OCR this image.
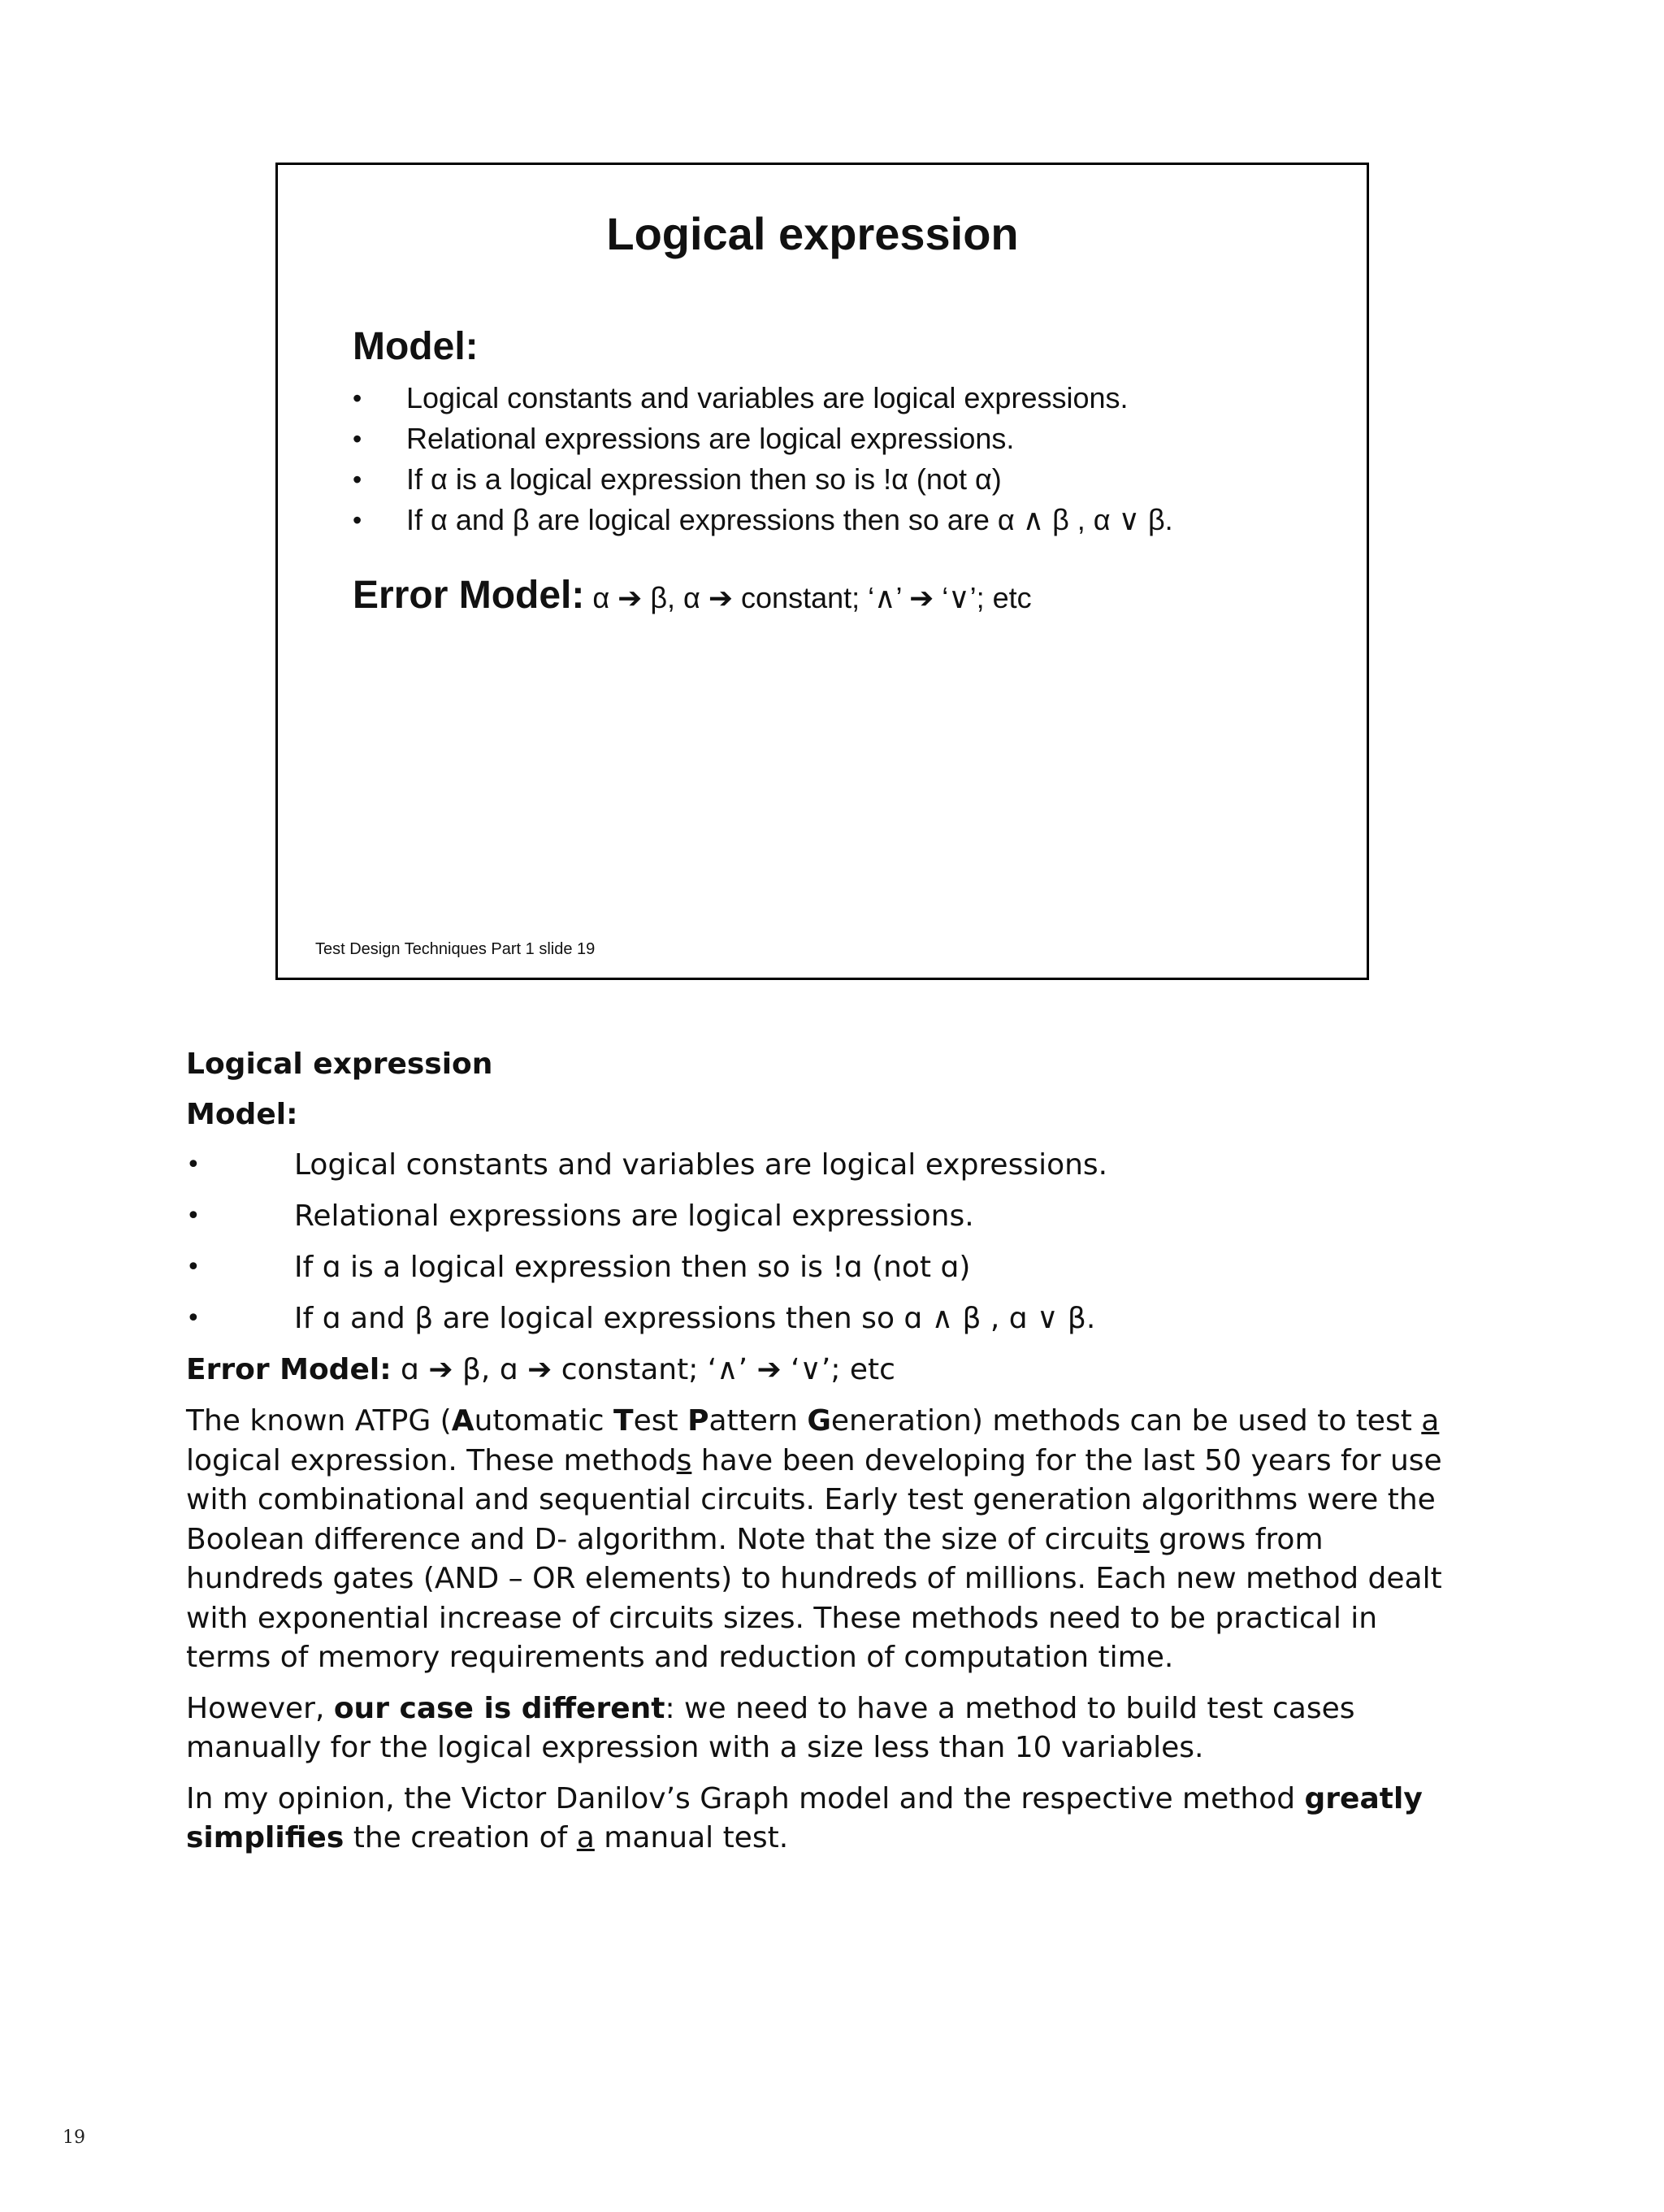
Logical expression
Model:
• Logical constants and variables are logical expressions.
• Relational expressions are logical expressions.
• If α is a logical expression then so is !α (not α)
• If α and β are logical expressions then so are α ∧ β , α ∨ β.
Error Model: α ➔ β, α ➔ constant; ‘∧’ ➔ ‘∨’; etc
Test Design Techniques Part 1 slide 19
Logical expression
Model:
•	Logical constants and variables are logical expressions.
•	Relational expressions are logical expressions.
•	If ɑ is a logical expression then so is !ɑ (not ɑ)
•	If ɑ and β are logical expressions then so ɑ ∧ β , ɑ ∨ β.
Error Model: ɑ ➔ β, ɑ ➔ constant; ‘∧’ ➔ ‘∨’; etc

The known ATPG (Automatic Test Pattern Generation) methods can be used to test a logical expression. These methods have been developing for the last 50 years for use with combinational and sequential circuits. Early test generation algorithms were the Boolean difference and D- algorithm. Note that the size of circuits grows from hundreds gates (AND – OR elements) to hundreds of millions. Each new method dealt with exponential increase of circuits sizes. These methods need to be practical in terms of memory requirements and reduction of computation time.

However, our case is different: we need to have a method to build test cases manually for the logical expression with a size less than 10 variables.

In my opinion, the Victor Danilov’s Graph model and the respective method greatly simplifies the creation of a manual test.

19
